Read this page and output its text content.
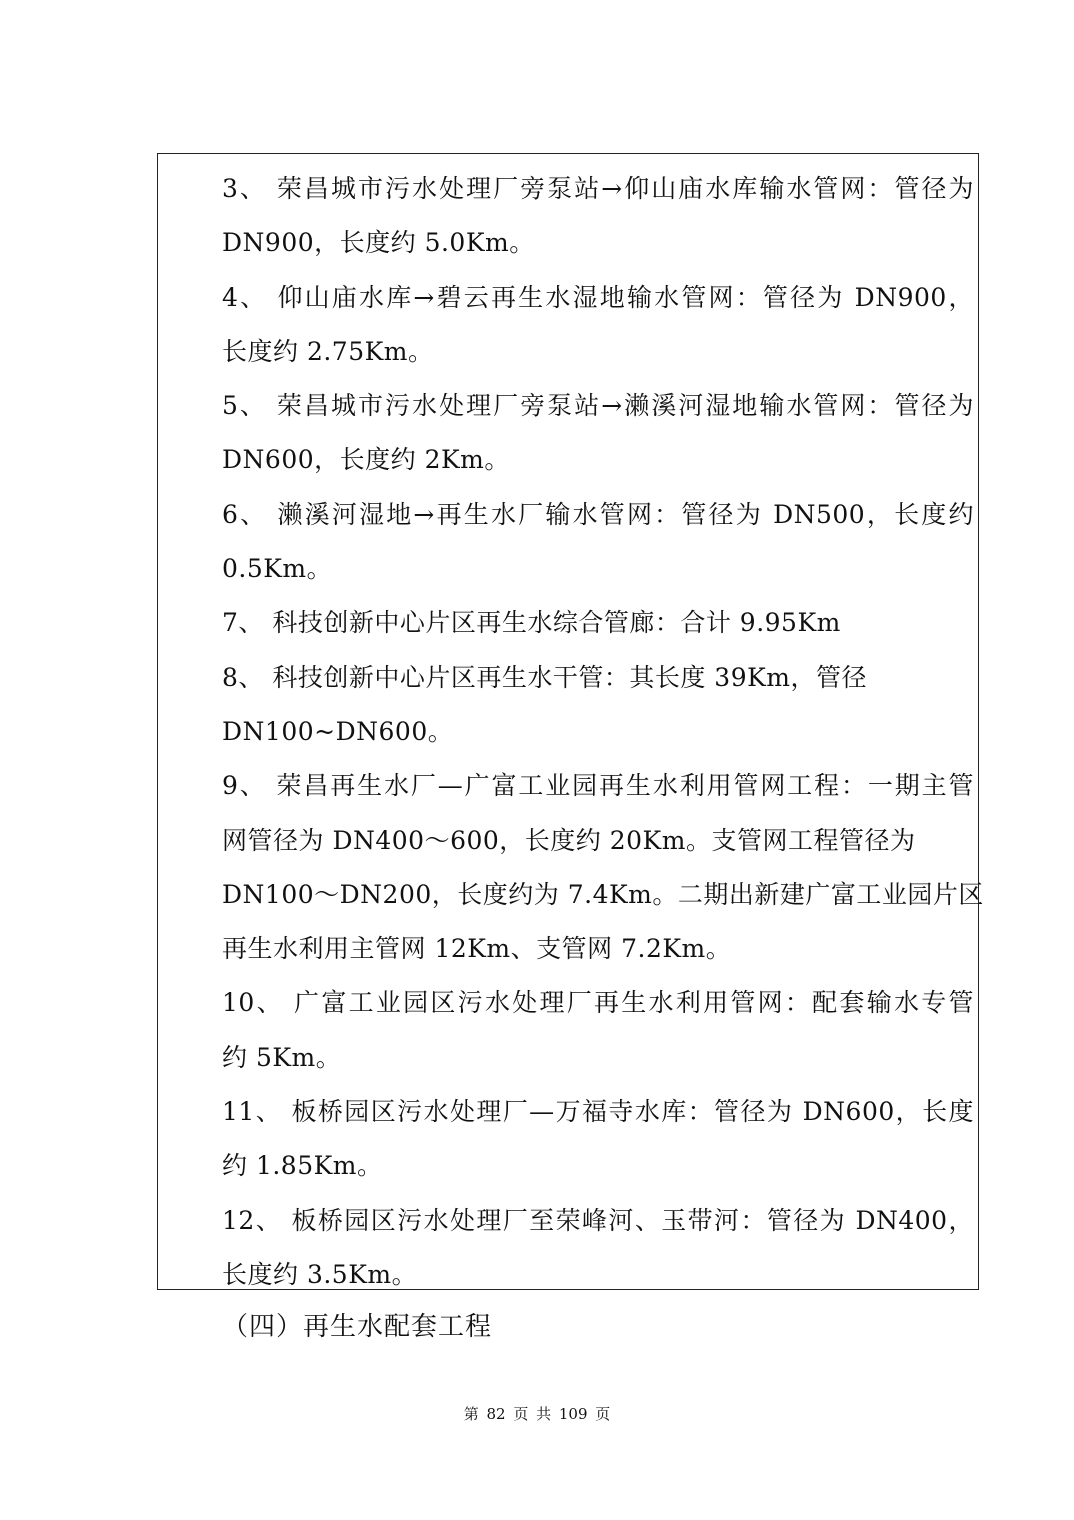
3、 荣昌城市污水处理厂旁泵站→仰山庙水库输水管网：管径为
DN900，长度约 5.0Km。
4、 仰山庙水库→碧云再生水湿地输水管网：管径为 DN900，
长度约 2.75Km。
5、 荣昌城市污水处理厂旁泵站→濑溪河湿地输水管网：管径为
DN600，长度约 2Km。
6、 濑溪河湿地→再生水厂输水管网：管径为 DN500，长度约
0.5Km。
7、 科技创新中心片区再生水综合管廊：合计 9.95Km
8、 科技创新中心片区再生水干管：其长度 39Km，管径
DN100~DN600。
9、 荣昌再生水厂—广富工业园再生水利用管网工程：一期主管
网管径为 DN400～600，长度约 20Km。支管网工程管径为
DN100～DN200，长度约为 7.4Km。二期出新建广富工业园片区
再生水利用主管网 12Km、支管网 7.2Km。
10、 广富工业园区污水处理厂再生水利用管网：配套输水专管
约 5Km。
11、 板桥园区污水处理厂—万福寺水库：管径为 DN600，长度
约 1.85Km。
12、 板桥园区污水处理厂至荣峰河、玉带河：管径为 DN400，
长度约 3.5Km。
（四）再生水配套工程
第 82 页 共 109 页
